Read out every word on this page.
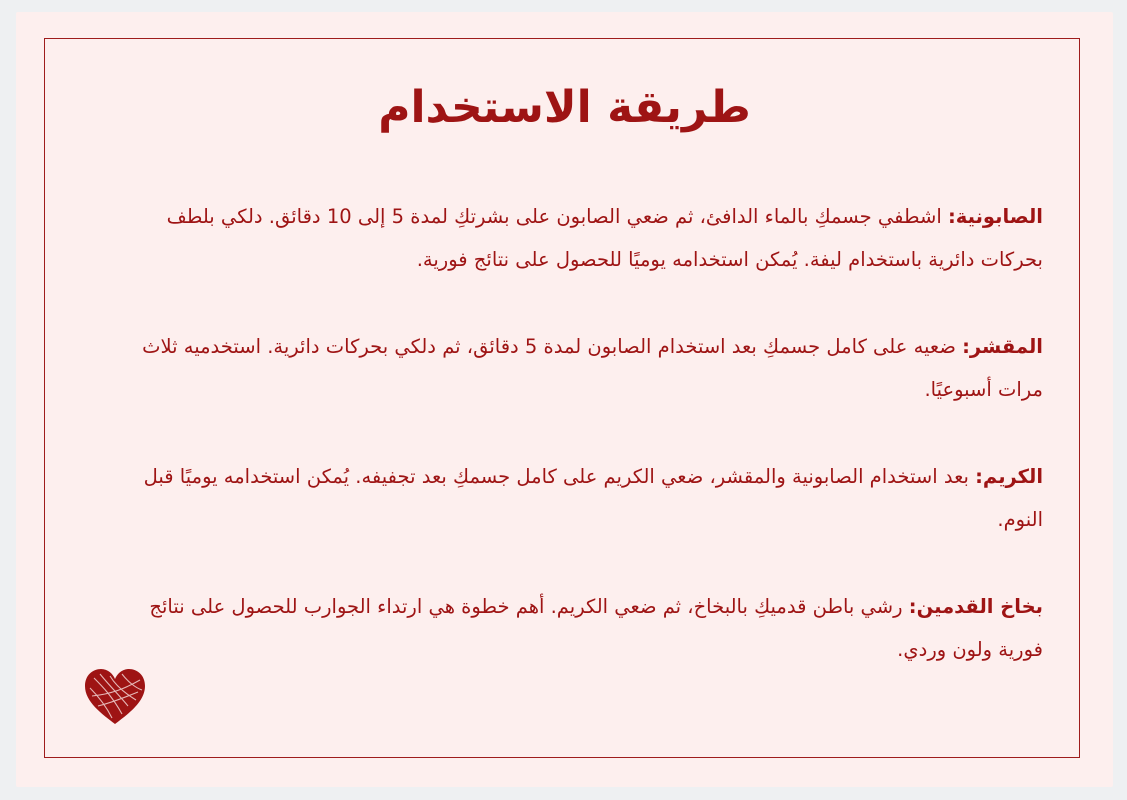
طريقة الاستخدام

الصابونية: اشطفي جسمكِ بالماء الدافئ، ثم ضعي الصابون على بشرتكِ لمدة 5 إلى 10 دقائق. دلكي بلطف بحركات دائرية باستخدام ليفة. يُمكن استخدامه يوميًا للحصول على نتائج فورية.

المقشر: ضعيه على كامل جسمكِ بعد استخدام الصابون لمدة 5 دقائق، ثم دلكي بحركات دائرية. استخدميه ثلاث مرات أسبوعيًا.

الكريم: بعد استخدام الصابونية والمقشر، ضعي الكريم على كامل جسمكِ بعد تجفيفه. يُمكن استخدامه يوميًا قبل النوم.

بخاخ القدمين: رشي باطن قدميكِ بالبخاخ، ثم ضعي الكريم. أهم خطوة هي ارتداء الجوارب للحصول على نتائج فورية ولون وردي.
